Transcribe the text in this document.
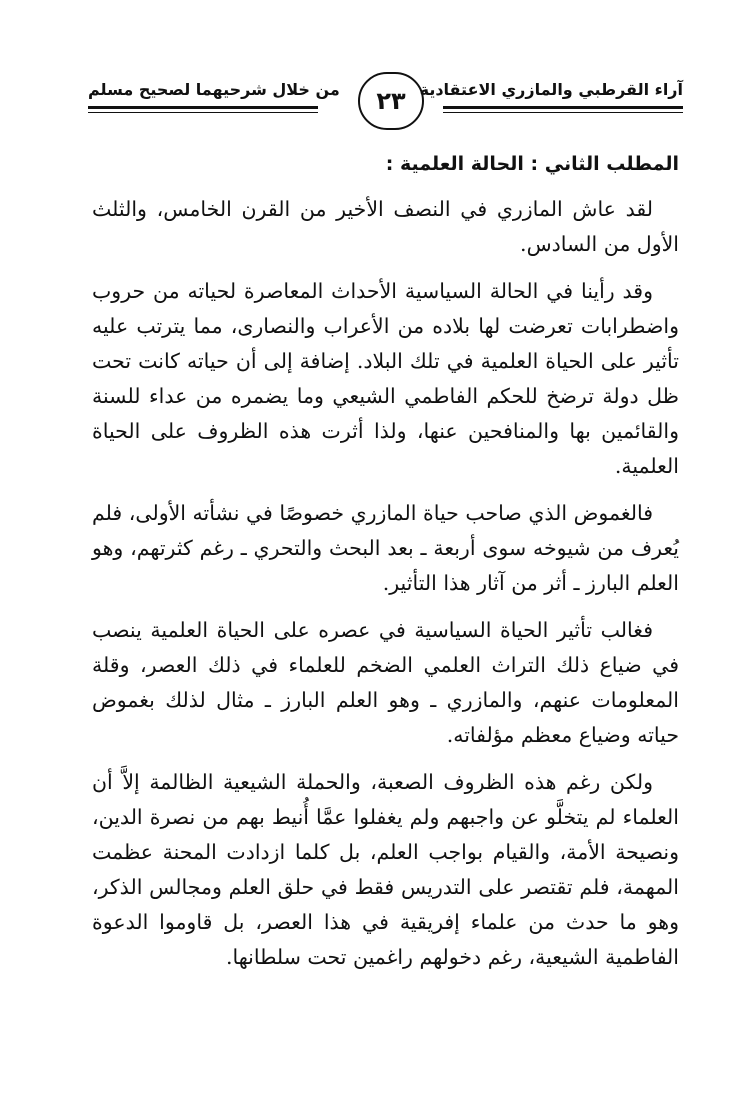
آراء القرطبي والمازري الاعتقادية
٢٣
من خلال شرحيهما لصحيح مسلم
المطلب الثاني : الحالة العلمية :

لقد عاش المازري في النصف الأخير من القرن الخامس، والثلث الأول من السادس.

وقد رأينا في الحالة السياسية الأحداث المعاصرة لحياته من حروب واضطرابات تعرضت لها بلاده من الأعراب والنصارى، مما يترتب عليه تأثير على الحياة العلمية في تلك البلاد. إضافة إلى أن حياته كانت تحت ظل دولة ترضخ للحكم الفاطمي الشيعي وما يضمره من عداء للسنة والقائمين بها والمنافحين عنها، ولذا أثرت هذه الظروف على الحياة العلمية.

فالغموض الذي صاحب حياة المازري خصوصًا في نشأته الأولى، فلم يُعرف من شيوخه سوى أربعة ـ بعد البحث والتحري ـ رغم كثرتهم، وهو العلم البارز ـ أثر من آثار هذا التأثير.

فغالب تأثير الحياة السياسية في عصره على الحياة العلمية ينصب في ضياع ذلك التراث العلمي الضخم للعلماء في ذلك العصر، وقلة المعلومات عنهم، والمازري ـ وهو العلم البارز ـ مثال لذلك بغموض حياته وضياع معظم مؤلفاته.

ولكن رغم هذه الظروف الصعبة، والحملة الشيعية الظالمة إلاَّ أن العلماء لم يتخلَّو عن واجبهم ولم يغفلوا عمَّا أُنيط بهم من نصرة الدين، ونصيحة الأمة، والقيام بواجب العلم، بل كلما ازدادت المحنة عظمت المهمة، فلم تقتصر على التدريس فقط في حلق العلم ومجالس الذكر، وهو ما حدث من علماء إفريقية في هذا العصر، بل قاوموا الدعوة الفاطمية الشيعية، رغم دخولهم راغمين تحت سلطانها.
